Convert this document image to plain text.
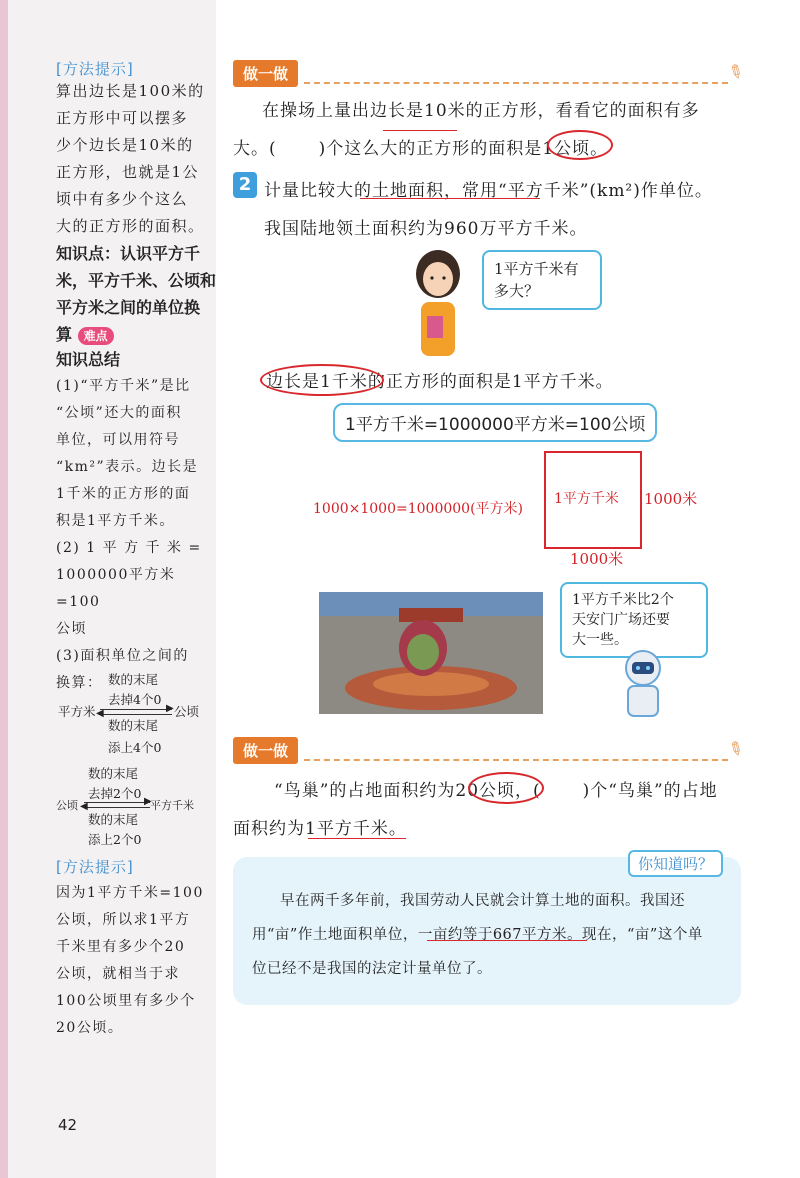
[方法提示]
算出边长是100米的
正方形中可以摆多
少个边长是10米的
正方形，也就是1公
顷中有多少个这么
大的正方形的面积。
知识点：认识平方千
米，平方千米、公顷和
平方米之间的单位换
算 难点
知识总结
(1)“平方千米”是比
“公顷”还大的面积
单位，可以用符号
“km²”表示。边长是
1千米的正方形的面
积是1平方千米。
(2) 1 平 方 千 米 =
1000000平方米=100
公顷
(3)面积单位之间的
换算： 数的末尾
去掉4个0
平方米	▶
◀	公顷
数的末尾
添上4个0
数的末尾
去掉2个0
公顷	▶
◀	平方千米
数的末尾
添上2个0
[方法提示]
因为1平方千米=100
公顷，所以求1平方
千米里有多少个20
公顷，就相当于求
100公顷里有多少个
20公顷。
42
做一做	✎
在操场上量出边长是10米的正方形，看看它的面积有多
大。( )个这么大的正方形的面积是1公顷。
2 计量比较大的土地面积，常用“平方千米”(km²)作单位。
我国陆地领土面积约为960万平方千米。
1平方千米有
多大？
边长是1千米的正方形的面积是1平方千米。
1平方千米=1000000平方米=100公顷
1000×1000=1000000(平方米)
1平方千米 1000米
1000米
1平方千米比2个
天安门广场还要
大一些。
做一做	✎
“鸟巢”的占地面积约为20公顷，( )个“鸟巢”的占地
面积约为1平方千米。
你知道吗？
早在两千多年前，我国劳动人民就会计算土地的面积。我国还
用“亩”作土地面积单位，一亩约等于667平方米。现在，“亩”这个单
位已经不是我国的法定计量单位了。
